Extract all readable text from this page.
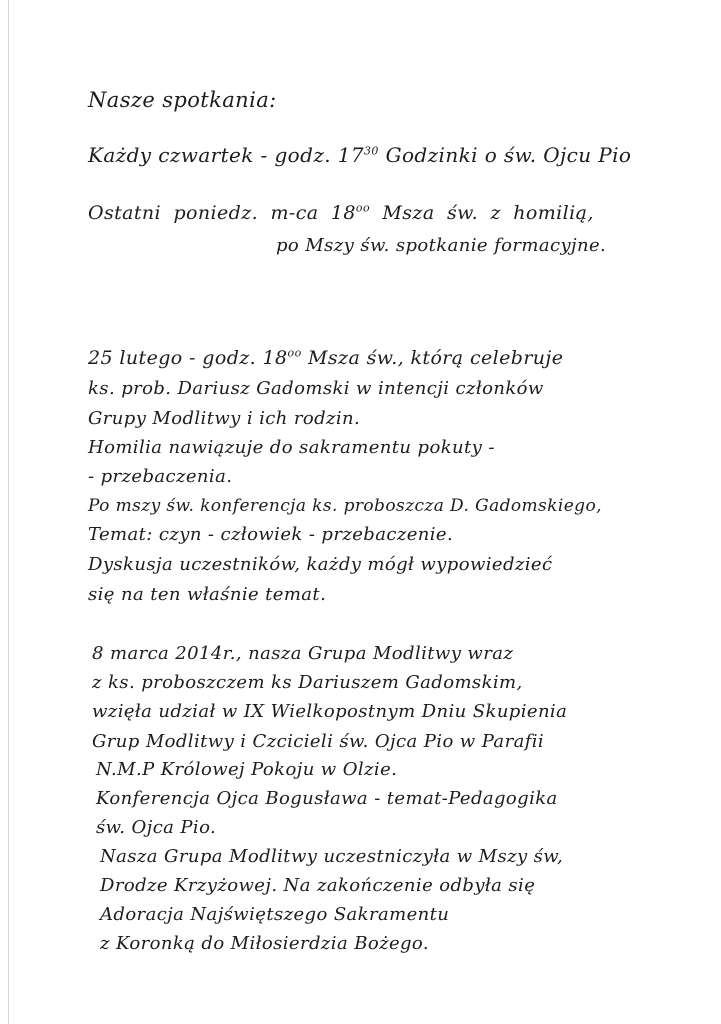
Nasze spotkania:
Każdy czwartek - godz. $17^{30}$ Godzinki o św. Ojcu Pio
Ostatni poniedz. m-ca $18^{oo}$ Msza św. z homilią,
po Mszy św. spotkanie formacyjne.
25 lutego - godz. $18^{oo}$ Msza św., którą celebruje
ks. prob. Dariusz Gadomski w intencji członków
Grupy Modlitwy i ich rodzin.
Homilia nawiązuje do sakramentu pokuty -
- przebaczenia.
Po mszy św. konferencja ks. proboszcza D. Gadomskiego,
Temat: czyn - człowiek - przebaczenie.
Dyskusja uczestników, każdy mógł wypowiedzieć
się na ten właśnie temat.
8 marca 2014r., nasza Grupa Modlitwy wraz
z ks. proboszczem ks Dariuszem Gadomskim,
wzięła udział w IX Wielkopostnym Dniu Skupienia
Grup Modlitwy i Czcicieli św. Ojca Pio w Parafii
N.M.P Królowej Pokoju w Olzie.
Konferencja Ojca Bogusława - temat-Pedagogika
św. Ojca Pio.
Nasza Grupa Modlitwy uczestniczyła w Mszy św,
Drodze Krzyżowej. Na zakończenie odbyła się
Adoracja Najświętszego Sakramentu
z Koronką do Miłosierdzia Bożego.
